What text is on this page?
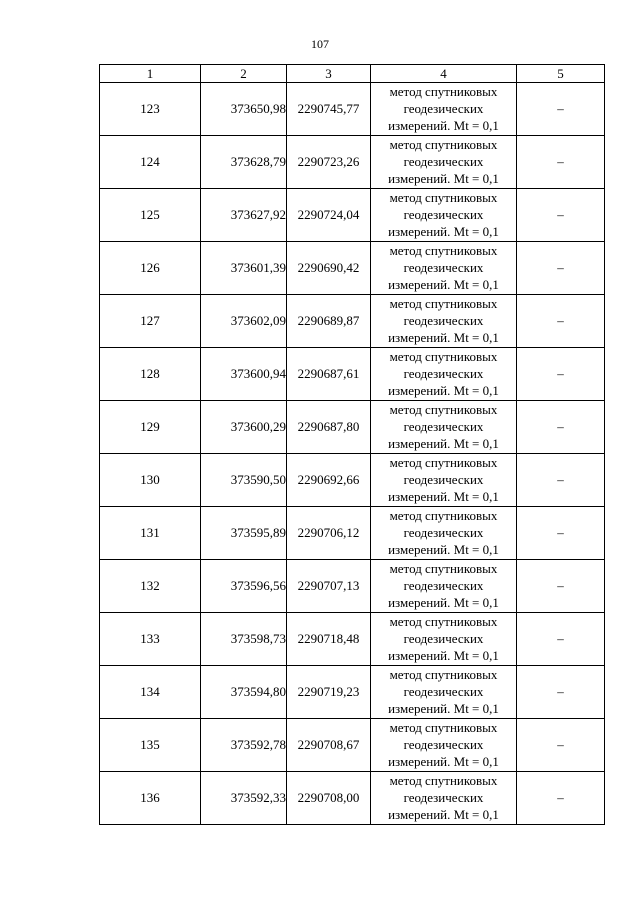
107
1	2	3	4	5
123	373650,98	2290745,77	метод спутниковых
геодезических
измерений. Mt = 0,1	–
124	373628,79	2290723,26	метод спутниковых
геодезических
измерений. Mt = 0,1	–
125	373627,92	2290724,04	метод спутниковых
геодезических
измерений. Mt = 0,1	–
126	373601,39	2290690,42	метод спутниковых
геодезических
измерений. Mt = 0,1	–
127	373602,09	2290689,87	метод спутниковых
геодезических
измерений. Mt = 0,1	–
128	373600,94	2290687,61	метод спутниковых
геодезических
измерений. Mt = 0,1	–
129	373600,29	2290687,80	метод спутниковых
геодезических
измерений. Mt = 0,1	–
130	373590,50	2290692,66	метод спутниковых
геодезических
измерений. Mt = 0,1	–
131	373595,89	2290706,12	метод спутниковых
геодезических
измерений. Mt = 0,1	–
132	373596,56	2290707,13	метод спутниковых
геодезических
измерений. Mt = 0,1	–
133	373598,73	2290718,48	метод спутниковых
геодезических
измерений. Mt = 0,1	–
134	373594,80	2290719,23	метод спутниковых
геодезических
измерений. Mt = 0,1	–
135	373592,78	2290708,67	метод спутниковых
геодезических
измерений. Mt = 0,1	–
136	373592,33	2290708,00	метод спутниковых
геодезических
измерений. Mt = 0,1	–
